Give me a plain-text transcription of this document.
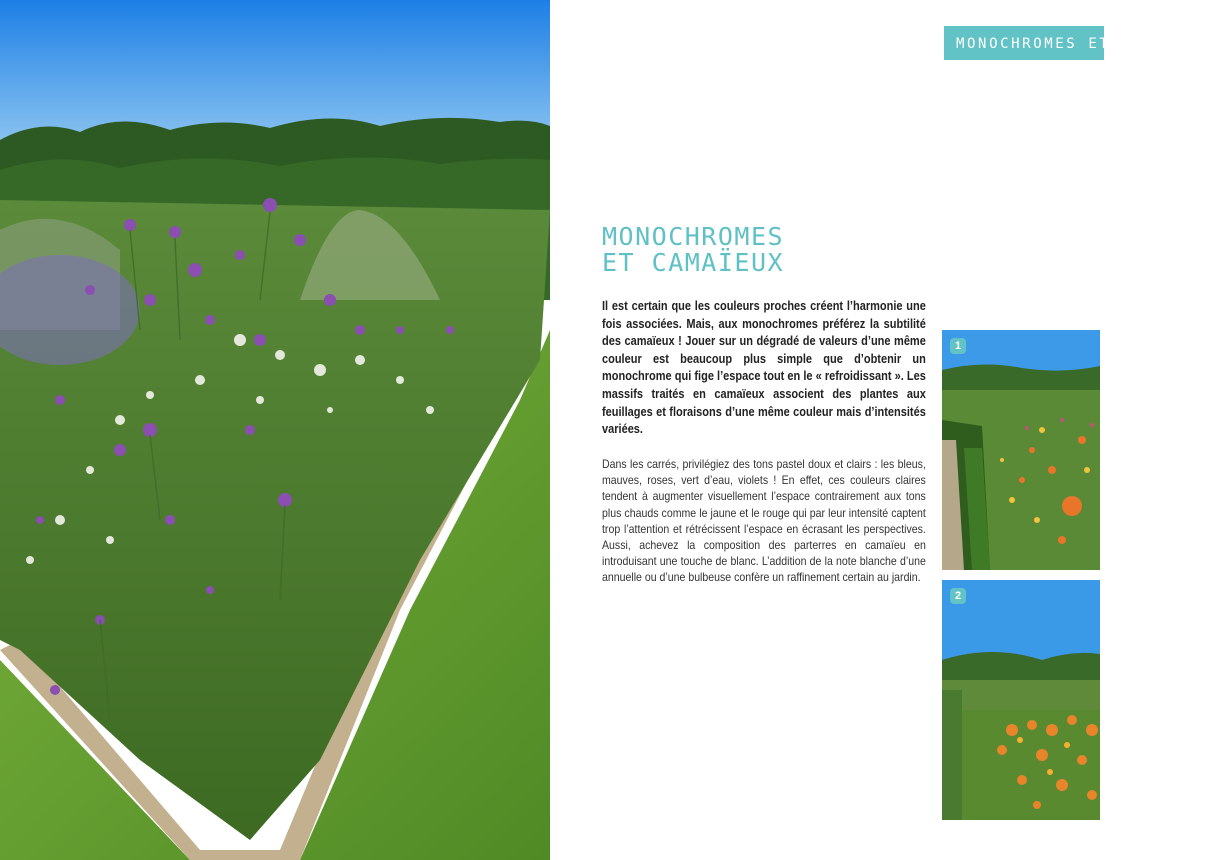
MONOCHROMES ET CAMAÏEUX
MONOCHROMES
ET CAMAÏEUX

Il est certain que les couleurs proches créent l’harmonie une fois associées. Mais, aux monochromes préférez la subtilité des camaïeux ! Jouer sur un dégradé de valeurs d’une même couleur est beaucoup plus simple que d’obtenir un monochrome qui fige l’espace tout en le « refroidissant ». Les massifs traités en camaïeux associent des plantes aux feuillages et floraisons d’une même couleur mais d’intensités variées.

Dans les carrés, privilégiez des tons pastel doux et clairs : les bleus, mauves, roses, vert d’eau, violets ! En effet, ces couleurs claires tendent à augmenter visuellement l’espace contrairement aux tons plus chauds comme le jaune et le rouge qui par leur intensité captent trop l’attention et rétrécissent l’espace en écrasant les perspectives. Aussi, achevez la composition des parterres en camaïeu en introduisant une touche de blanc. L’addition de la note blanche d’une annuelle ou d’une bulbeuse confère un raffinement certain au jardin.

1
2
